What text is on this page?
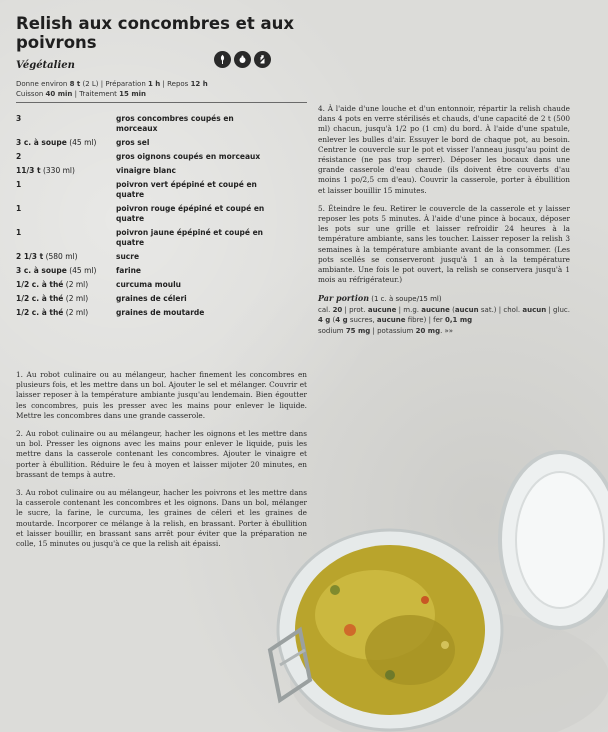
Relish aux concombres et aux poivrons
Végétalien
Donne environ 8 t (2 L) | Préparation 1 h | Repos 12 h
Cuisson 40 min | Traitement 15 min
3	gros concombres coupés en morceaux
3 c. à soupe (45 ml)	gros sel
2	gros oignons coupés en morceaux
11/3 t (330 ml)	vinaigre blanc
1	poivron vert épépiné et coupé en quatre
1	poivron rouge épépiné et coupé en quatre
1	poivron jaune épépiné et coupé en quatre
2 1/3 t (580 ml)	sucre
3 c. à soupe (45 ml)	farine
1/2 c. à thé (2 ml)	curcuma moulu
1/2 c. à thé (2 ml)	graines de céleri
1/2 c. à thé (2 ml)	graines de moutarde

1. Au robot culinaire ou au mélangeur, hacher finement les concombres en plusieurs fois, et les mettre dans un bol. Ajouter le sel et mélanger. Couvrir et laisser reposer à la température ambiante jusqu'au lendemain. Bien égoutter les concombres, puis les presser avec les mains pour enlever le liquide. Mettre les concombres dans une grande casserole.

2. Au robot culinaire ou au mélangeur, hacher les oignons et les mettre dans un bol. Presser les oignons avec les mains pour enlever le liquide, puis les mettre dans la casserole contenant les concombres. Ajouter le vinaigre et porter à ébullition. Réduire le feu à moyen et laisser mijoter 20 minutes, en brassant de temps à autre.

3. Au robot culinaire ou au mélangeur, hacher les poivrons et les mettre dans la casserole contenant les concombres et les oignons. Dans un bol, mélanger le sucre, la farine, le curcuma, les graines de céleri et les graines de moutarde. Incorporer ce mélange à la relish, en brassant. Porter à ébullition et laisser bouillir, en brassant sans arrêt pour éviter que la préparation ne colle, 15 minutes ou jusqu'à ce que la relish ait épaissi.

4. À l'aide d'une louche et d'un entonnoir, répartir la relish chaude dans 4 pots en verre stérilisés et chauds, d'une capacité de 2 t (500 ml) chacun, jusqu'à 1/2 po (1 cm) du bord. À l'aide d'une spatule, enlever les bulles d'air. Essuyer le bord de chaque pot, au besoin. Centrer le couvercle sur le pot et visser l'anneau jusqu'au point de résistance (ne pas trop serrer). Déposer les bocaux dans une grande casserole d'eau chaude (ils doivent être couverts d'au moins 1 po/2,5 cm d'eau). Couvrir la casserole, porter à ébullition et laisser bouillir 15 minutes.

5. Éteindre le feu. Retirer le couvercle de la casserole et y laisser reposer les pots 5 minutes. À l'aide d'une pince à bocaux, déposer les pots sur une grille et laisser refroidir 24 heures à la température ambiante, sans les toucher. Laisser reposer la relish 3 semaines à la température ambiante avant de la consommer. (Les pots scellés se conserveront jusqu'à 1 an à la température ambiante. Une fois le pot ouvert, la relish se conservera jusqu'à 1 mois au réfrigérateur.)

Par portion (1 c. à soupe/15 ml)
cal. 20 | prot. aucune | m.g. aucune (aucun sat.) | chol. aucun | gluc. 4 g (4 g sucres, aucune fibre) | fer 0,1 mg
sodium 75 mg | potassium 20 mg. »»
